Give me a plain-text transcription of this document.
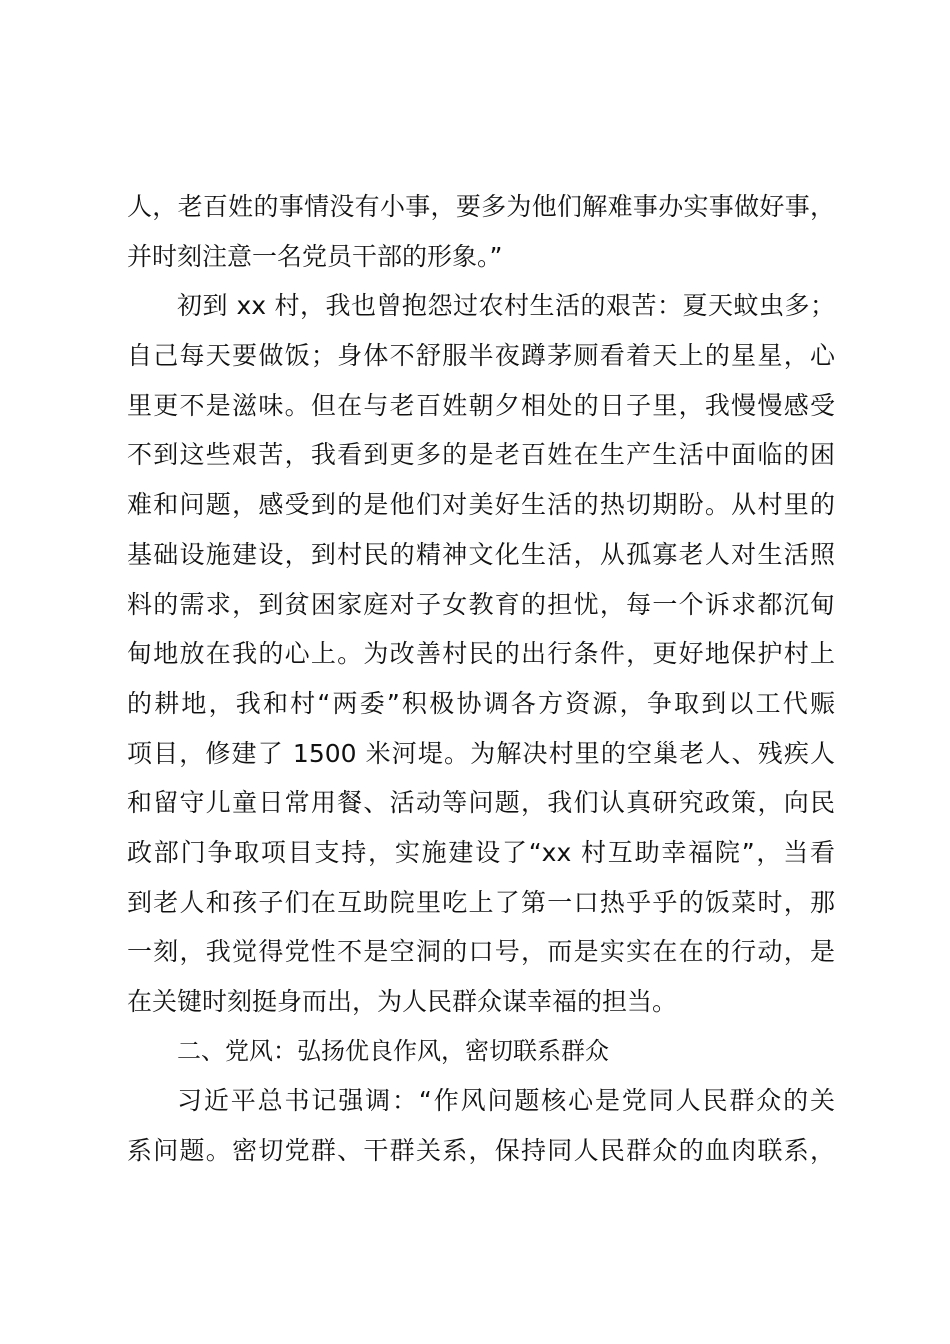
人，老百姓的事情没有小事，要多为他们解难事办实事做好事，
并时刻注意一名党员干部的形象。”
初到 xx 村，我也曾抱怨过农村生活的艰苦：夏天蚊虫多；
自己每天要做饭；身体不舒服半夜蹲茅厕看着天上的星星，心
里更不是滋味。但在与老百姓朝夕相处的日子里，我慢慢感受
不到这些艰苦，我看到更多的是老百姓在生产生活中面临的困
难和问题，感受到的是他们对美好生活的热切期盼。从村里的
基础设施建设，到村民的精神文化生活，从孤寡老人对生活照
料的需求，到贫困家庭对子女教育的担忧，每一个诉求都沉甸
甸地放在我的心上。为改善村民的出行条件，更好地保护村上
的耕地，我和村“两委”积极协调各方资源，争取到以工代赈
项目，修建了 1500 米河堤。为解决村里的空巢老人、残疾人
和留守儿童日常用餐、活动等问题，我们认真研究政策，向民
政部门争取项目支持，实施建设了“xx 村互助幸福院”，当看
到老人和孩子们在互助院里吃上了第一口热乎乎的饭菜时，那
一刻，我觉得党性不是空洞的口号，而是实实在在的行动，是
在关键时刻挺身而出，为人民群众谋幸福的担当。
二、党风：弘扬优良作风，密切联系群众
习近平总书记强调：“作风问题核心是党同人民群众的关
系问题。密切党群、干群关系，保持同人民群众的血肉联系，
